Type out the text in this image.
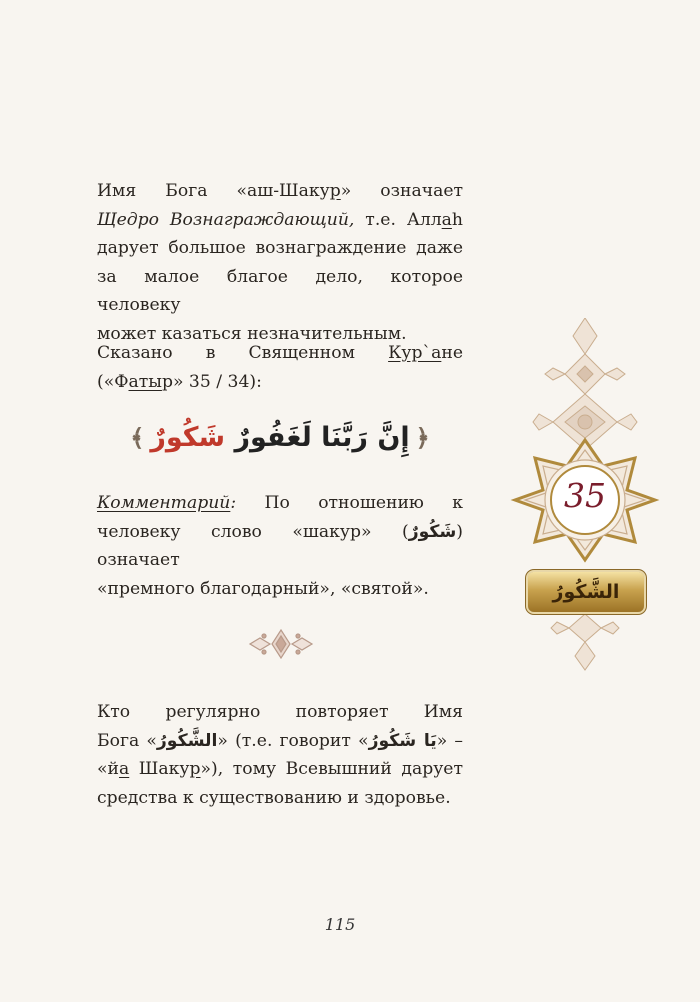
Имя Бога «аш-Шакур» означает
Щедро Вознаграждающий, т.е. Аллаh
дарует большое вознаграждение даже
за малое благое дело, которое человеку
может казаться незначительным.
Сказано в Священном Кур`ане
(«Фатыр» 35 / 34):
﴿إِنَّ رَبَّنَا لَغَفُورٌ شَكُورٌ﴾
Комментарий: По отношению к
человеку слово «шакур» (شَكُورٌ) означает
«премного благодарный», «святой».
Кто регулярно повторяет Имя
Бога «الشَّكُورُ» (т.е. говорит «يَا شَكُورُ» –
«йа Шакур»), тому Всевышний дарует
средства к существованию и здоровье.
35
الشَّكُورُ
115
